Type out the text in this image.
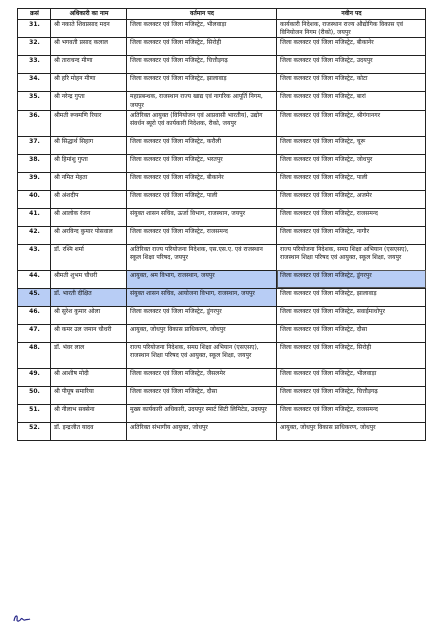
क्रसं	अधिकारी का नाम	वर्तमान पद	नवीन पद
31.	श्री नकाते शिवप्रसाद मदन	जिला कलक्टर एवं जिला मजिस्ट्रेट, भीलवाड़ा	कार्यकारी निदेशक, राजस्थान राज्य औद्योगिक विकास एवं विनियोजन निगम (रीको), जयपुर
32.	श्री भगवती प्रसाद कलाल	जिला कलक्टर एवं जिला मजिस्ट्रेट, सिरोही	जिला कलक्टर एवं जिला मजिस्ट्रेट, बीकानेर
33.	श्री ताराचन्द मीणा	जिला कलक्टर एवं जिला मजिस्ट्रेट, चित्तौड़गढ़	जिला कलक्टर एवं जिला मजिस्ट्रेट, उदयपुर
34.	श्री हरि मोहन मीणा	जिला कलक्टर एवं जिला मजिस्ट्रेट, झालावाड़	जिला कलक्टर एवं जिला मजिस्ट्रेट, कोटा
35.	श्री नरेन्द्र गुप्ता	महाप्रबन्धक, राजस्थान राज्य खाद्य एवं नागरिक आपूर्ति निगम, जयपुर	जिला कलक्टर एवं जिला मजिस्ट्रेट, बारां
36.	श्रीमती रूक्मणि रियार	अतिरिक्त आयुक्त (विनियोजन एवं आप्रवासी भारतीय), उद्योग संवर्धन ब्यूरो एवं कार्यकारी निदेशक, रीको, जयपुर	जिला कलक्टर एवं जिला मजिस्ट्रेट, श्रीगंगानगर
37.	श्री सिद्धार्थ सिहाग	जिला कलक्टर एवं जिला मजिस्ट्रेट, करौली	जिला कलक्टर एवं जिला मजिस्ट्रेट, चूरू
38.	श्री हिमांशु गुप्ता	जिला कलक्टर एवं जिला मजिस्ट्रेट, भरतपुर	जिला कलक्टर एवं जिला मजिस्ट्रेट, जोधपुर
39.	श्री नमित मेहता	जिला कलक्टर एवं जिला मजिस्ट्रेट, बीकानेर	जिला कलक्टर एवं जिला मजिस्ट्रेट, पाली
40.	श्री अंशदीप	जिला कलक्टर एवं जिला मजिस्ट्रेट, पाली	जिला कलक्टर एवं जिला मजिस्ट्रेट, अजमेर
41.	श्री आलोक रंजन	संयुक्त शासन सचिव, ऊर्जा विभाग, राजस्थान, जयपुर	जिला कलक्टर एवं जिला मजिस्ट्रेट, राजसमन्द
42.	श्री अरविन्द कुमार पोसवाल	जिला कलक्टर एवं जिला मजिस्ट्रेट, राजसमन्द	जिला कलक्टर एवं जिला मजिस्ट्रेट, नागौर
43.	डॉ. रश्मि शर्मा	अतिरिक्त राज्य परियोजना निदेशक, एस.एस.ए. एवं राजस्थान स्कूल शिक्षा परिषद, जयपुर	राज्य परियोजना निदेशक, समग्र शिक्षा अभियान (एसएसए), राजस्थान शिक्षा परिषद एवं आयुक्त, स्कूल शिक्षा, जयपुर
44.	श्रीमती शुभम चौधरी	आयुक्त, श्रम विभाग, राजस्थान, जयपुर	जिला कलक्टर एवं जिला मजिस्ट्रेट, डूंगरपुर
45.	डॉ. भारती दीक्षित	संयुक्त शासन सचिव, आयोजना विभाग, राजस्थान, जयपुर	जिला कलक्टर एवं जिला मजिस्ट्रेट, झालावाड़
46.	श्री सुरेश कुमार ओला	जिला कलक्टर एवं जिला मजिस्ट्रेट, डूंगरपुर	जिला कलक्टर एवं जिला मजिस्ट्रेट, सवाईमाधोपुर
47.	श्री कमर उल जमान चौधरी	आयुक्त, जोधपुर विकास प्राधिकरण, जोधपुर	जिला कलक्टर एवं जिला मजिस्ट्रेट, दौसा
48.	डॉ. भंवर लाल	राज्य परियोजना निदेशक, समग्र शिक्षा अभियान (एसएसए), राजस्थान शिक्षा परिषद एवं आयुक्त, स्कूल शिक्षा, जयपुर	जिला कलक्टर एवं जिला मजिस्ट्रेट, सिरोही
49.	श्री आशीष मोदी	जिला कलक्टर एवं जिला मजिस्ट्रेट, जैसलमेर	जिला कलक्टर एवं जिला मजिस्ट्रेट, भीलवाड़ा
50.	श्री पीयूष समारिया	जिला कलक्टर एवं जिला मजिस्ट्रेट, दौसा	जिला कलक्टर एवं जिला मजिस्ट्रेट, चित्तौड़गढ़
51.	श्री नीलाभ सक्सेना	मुख्य कार्यकारी अधिकारी, उदयपुर स्मार्ट सिटी लिमिटेड, उदयपुर	जिला कलक्टर एवं जिला मजिस्ट्रेट, राजसमन्द
52.	डॉ. इन्द्रजीत यादव	अतिरिक्त संभागीय आयुक्त, जोधपुर	आयुक्त, जोधपुर विकास प्राधिकरण, जोधपुर
